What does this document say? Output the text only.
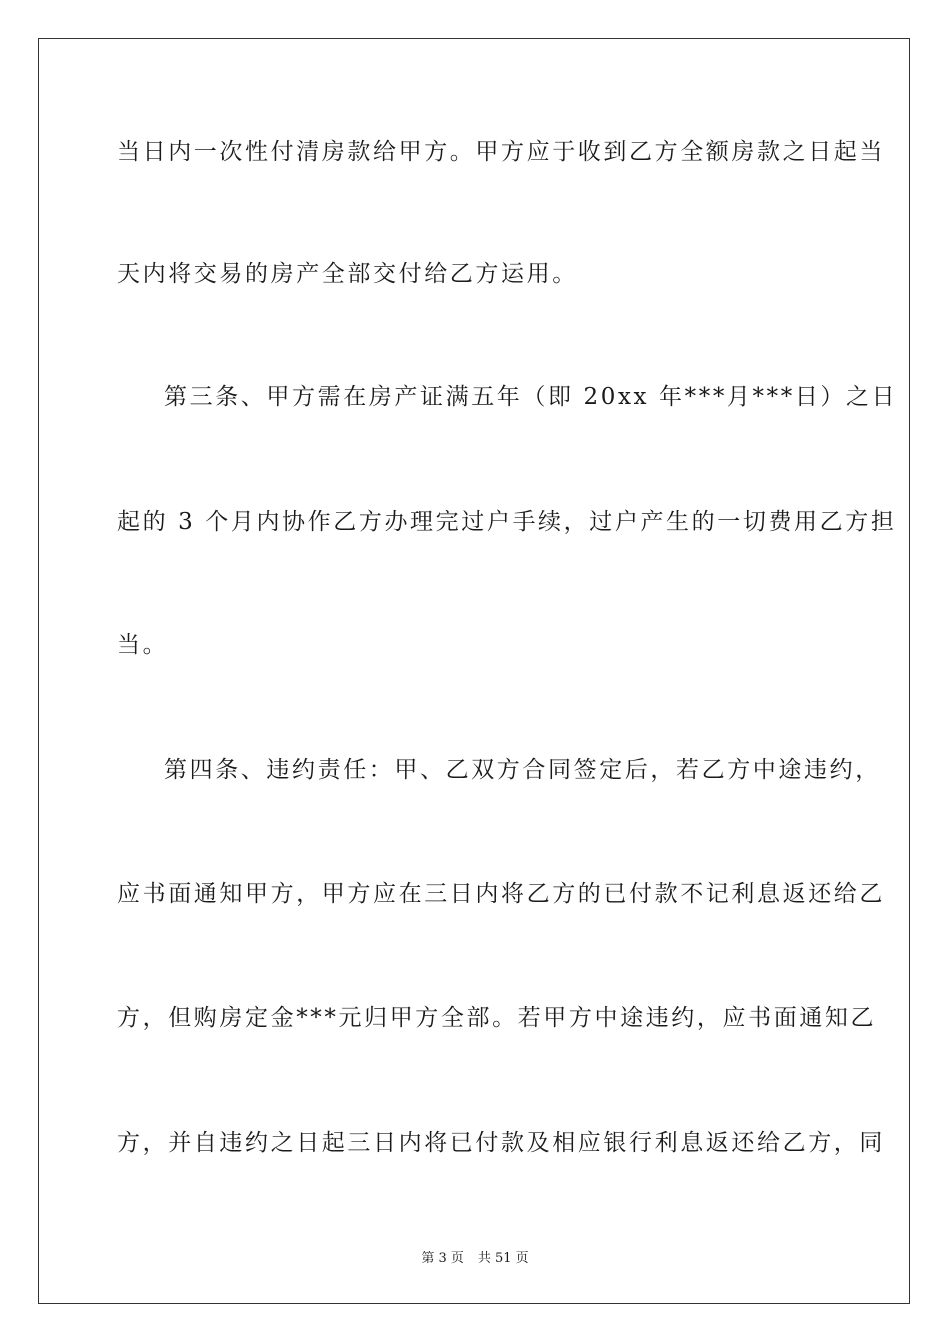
当日内一次性付清房款给甲方。甲方应于收到乙方全额房款之日起当
天内将交易的房产全部交付给乙方运用。
第三条、甲方需在房产证满五年（即 20xx 年***月***日）之日
起的 3 个月内协作乙方办理完过户手续，过户产生的一切费用乙方担
当。
第四条、违约责任：甲、乙双方合同签定后，若乙方中途违约，
应书面通知甲方，甲方应在三日内将乙方的已付款不记利息返还给乙
方，但购房定金***元归甲方全部。若甲方中途违约，应书面通知乙
方，并自违约之日起三日内将已付款及相应银行利息返还给乙方，同
第 3 页 共 51 页
